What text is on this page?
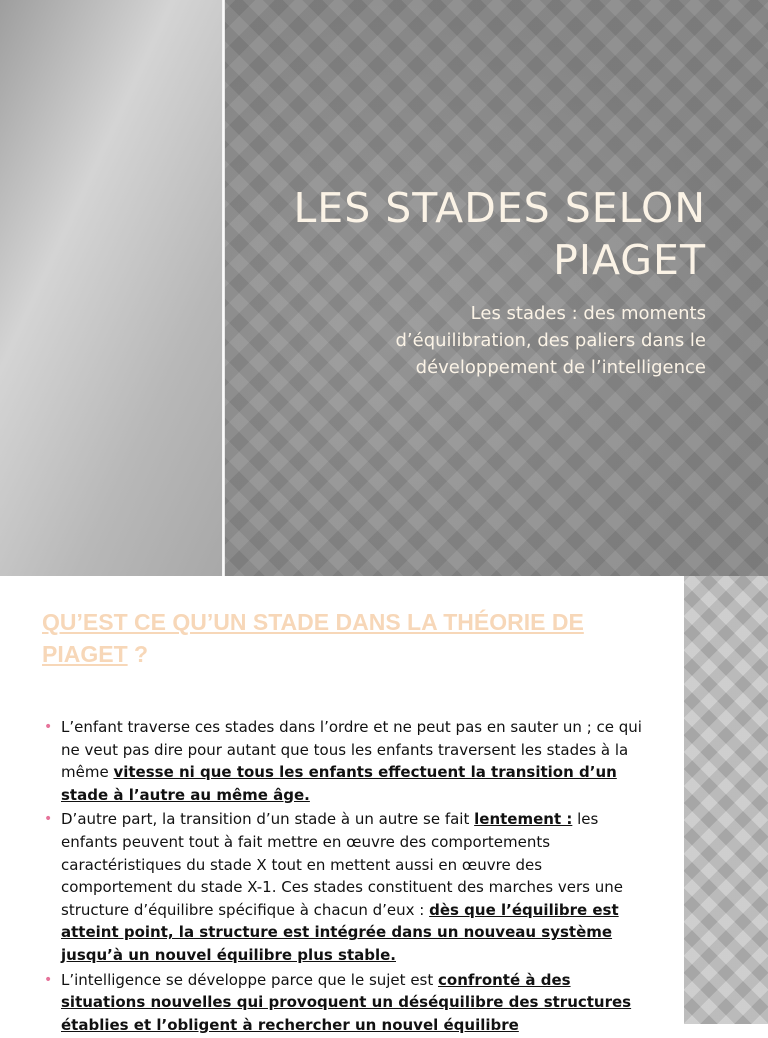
LES STADES SELON
PIAGET

Les stades : des moments
d’équilibration, des paliers dans le
développement de l’intelligence

QU’EST CE QU’UN STADE DANS LA THÉORIE DE PIAGET ?
• L’enfant traverse ces stades dans l’ordre et ne peut pas en sauter un ; ce qui ne veut pas dire pour autant que tous les enfants traversent les stades à la même vitesse ni que tous les enfants effectuent la transition d’un stade à l’autre au même âge.
• D’autre part, la transition d’un stade à un autre se fait lentement : les enfants peuvent tout à fait mettre en œuvre des comportements caractéristiques du stade X tout en mettent aussi en œuvre des comportement du stade X-1. Ces stades constituent des marches vers une structure d’équilibre spécifique à chacun d’eux : dès que l’équilibre est atteint point, la structure est intégrée dans un nouveau système jusqu’à un nouvel équilibre plus stable.
• L’intelligence se développe parce que le sujet est confronté à des situations nouvelles qui provoquent un déséquilibre des structures établies et l’obligent à rechercher un nouvel équilibre
